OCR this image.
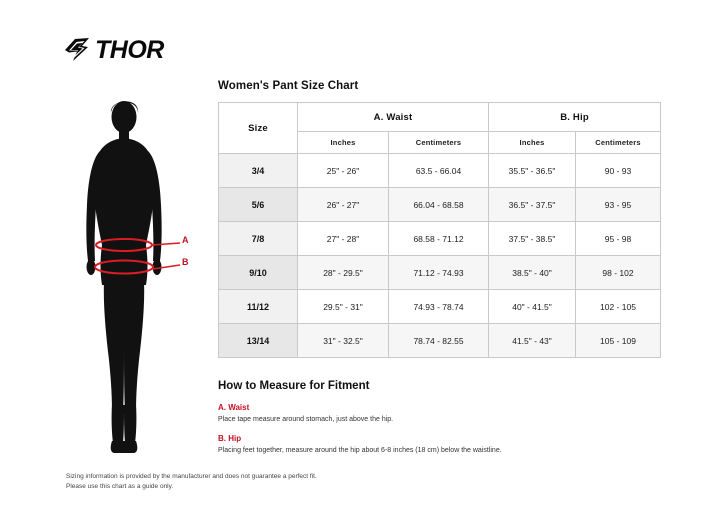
THOR
A
B
Women's Pant Size Chart
Size	A. Waist		B. Hip	
	Inches	Centimeters	Inches	Centimeters
3/4	25" - 26"	63.5 - 66.04	35.5" - 36.5"	90 - 93
5/6	26" - 27"	66.04 - 68.58	36.5" - 37.5"	93 - 95
7/8	27" - 28"	68.58 - 71.12	37.5" - 38.5"	95 - 98
9/10	28" - 29.5"	71.12 - 74.93	38.5" - 40"	98 - 102
11/12	29.5" - 31"	74.93 - 78.74	40" - 41.5"	102 - 105
13/14	31" - 32.5"	78.74 - 82.55	41.5" - 43"	105 - 109
How to Measure for Fitment

A. Waist

Place tape measure around stomach, just above the hip.

B. Hip

Placing feet together, measure around the hip about 6-8 inches (18 cm) below the waistline.

Sizing information is provided by the manufacturer and does not guarantee a perfect fit.

Please use this chart as a guide only.
